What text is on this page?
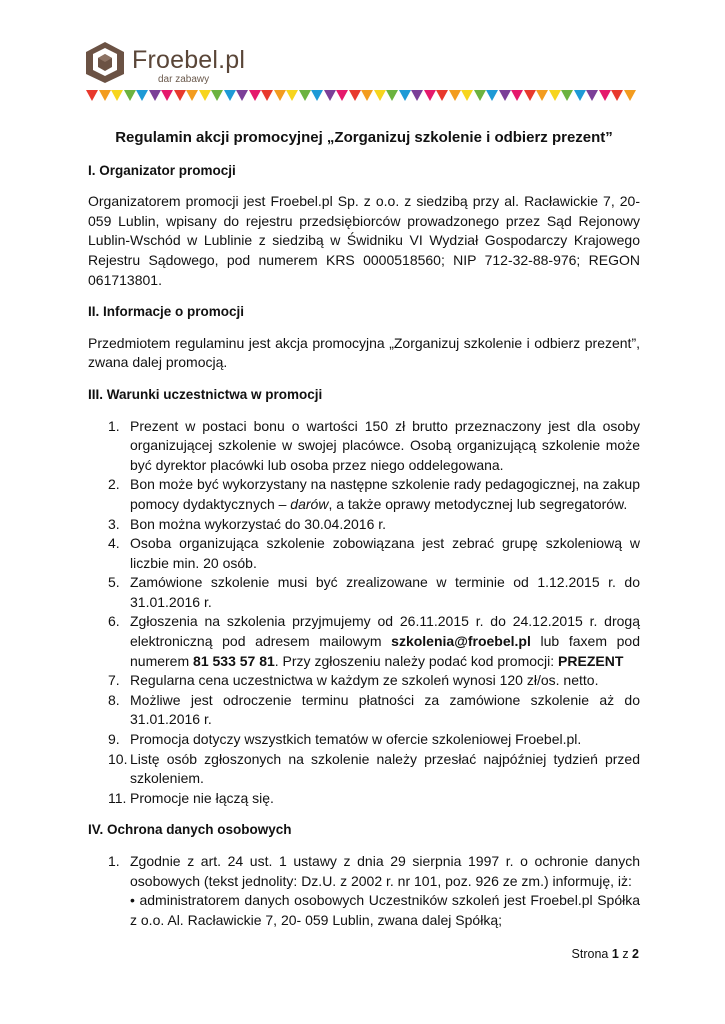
Froebel.pl
dar zabawy
Regulamin akcji promocyjnej „Zorganizuj szkolenie i odbierz prezent”
I. Organizator promocji

Organizatorem promocji jest Froebel.pl Sp. z o.o. z siedzibą przy al. Racławickie 7, 20-059 Lublin, wpisany do rejestru przedsiębiorców prowadzonego przez Sąd Rejonowy Lublin-Wschód w Lublinie z siedzibą w Świdniku VI Wydział Gospodarczy Krajowego Rejestru Sądowego, pod numerem KRS 0000518560; NIP 712-32-88-976; REGON 061713801.

II. Informacje o promocji

Przedmiotem regulaminu jest akcja promocyjna „Zorganizuj szkolenie i odbierz prezent”, zwana dalej promocją.

III. Warunki uczestnictwa w promocji
1. Prezent w postaci bonu o wartości 150 zł brutto przeznaczony jest dla osoby organizującej szkolenie w swojej placówce. Osobą organizującą szkolenie może być dyrektor placówki lub osoba przez niego oddelegowana.
2. Bon może być wykorzystany na następne szkolenie rady pedagogicznej, na zakup pomocy dydaktycznych – darów, a także oprawy metodycznej lub segregatorów.
3. Bon można wykorzystać do 30.04.2016 r.
4. Osoba organizująca szkolenie zobowiązana jest zebrać grupę szkoleniową w liczbie min. 20 osób.
5. Zamówione szkolenie musi być zrealizowane w terminie od 1.12.2015 r. do 31.01.2016 r.
6. Zgłoszenia na szkolenia przyjmujemy od 26.11.2015 r. do 24.12.2015 r. drogą elektroniczną pod adresem mailowym szkolenia@froebel.pl lub faxem pod numerem 81 533 57 81. Przy zgłoszeniu należy podać kod promocji: PREZENT
7. Regularna cena uczestnictwa w każdym ze szkoleń wynosi 120 zł/os. netto.
8. Możliwe jest odroczenie terminu płatności za zamówione szkolenie aż do 31.01.2016 r.
9. Promocja dotyczy wszystkich tematów w ofercie szkoleniowej Froebel.pl.
10. Listę osób zgłoszonych na szkolenie należy przesłać najpóźniej tydzień przed szkoleniem.
11. Promocje nie łączą się.
IV. Ochrona danych osobowych
1. Zgodnie z art. 24 ust. 1 ustawy z dnia 29 sierpnia 1997 r. o ochronie danych osobowych (tekst jednolity: Dz.U. z 2002 r. nr 101, poz. 926 ze zm.) informuję, iż:
• administratorem danych osobowych Uczestników szkoleń jest Froebel.pl Spółka z o.o. Al. Racławickie 7, 20- 059 Lublin, zwana dalej Spółką;
Strona 1 z 2
